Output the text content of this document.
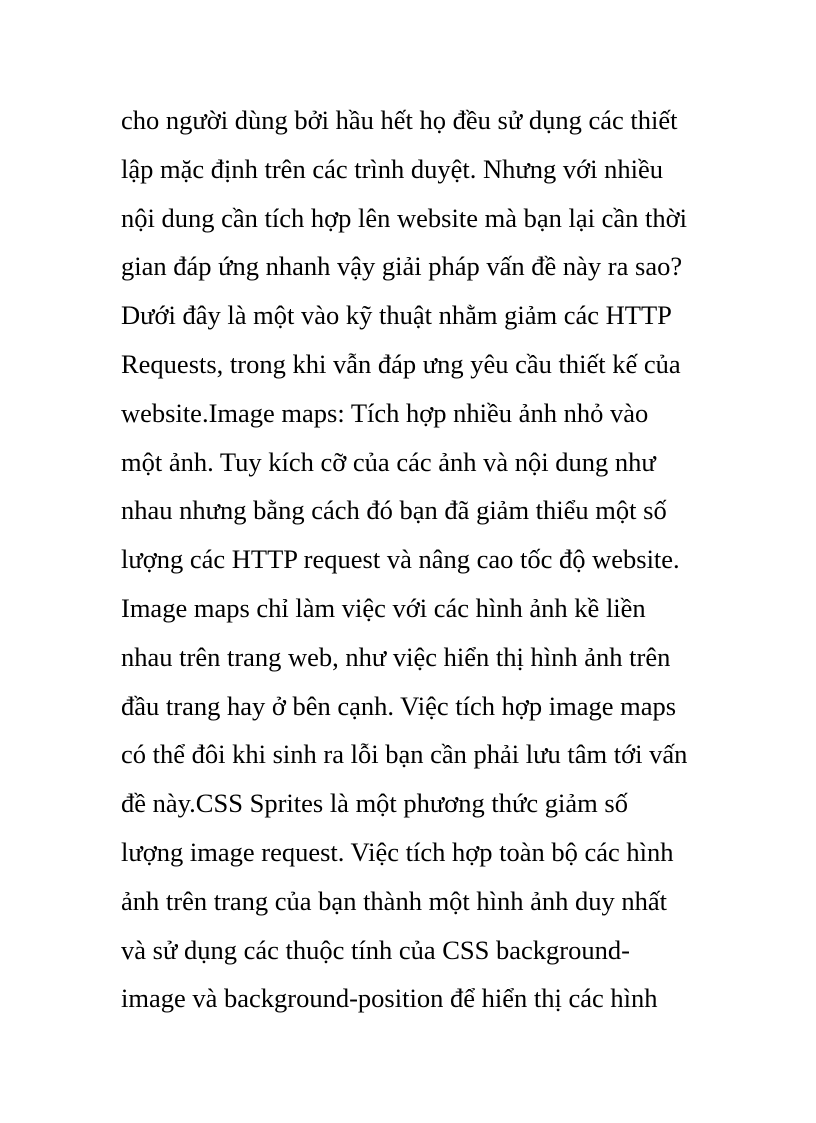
cho người dùng bởi hầu hết họ đều sử dụng các thiết
lập mặc định trên các trình duyệt. Nhưng với nhiều
nội dung cần tích hợp lên website mà bạn lại cần thời
gian đáp ứng nhanh vậy giải pháp vấn đề này ra sao?
Dưới đây là một vào kỹ thuật nhằm giảm các HTTP
Requests, trong khi vẫn đáp ưng yêu cầu thiết kế của
website.Image maps: Tích hợp nhiều ảnh nhỏ vào
một ảnh. Tuy kích cỡ của các ảnh và nội dung như
nhau nhưng bằng cách đó bạn đã giảm thiểu một số
lượng các HTTP request và nâng cao tốc độ website.
Image maps chỉ làm việc với các hình ảnh kề liền
nhau trên trang web, như việc hiển thị hình ảnh trên
đầu trang hay ở bên cạnh. Việc tích hợp image maps
có thể đôi khi sinh ra lỗi bạn cần phải lưu tâm tới vấn
đề này.CSS Sprites là một phương thức giảm số
lượng image request. Việc tích hợp toàn bộ các hình
ảnh trên trang của bạn thành một hình ảnh duy nhất
và sử dụng các thuộc tính của CSS background-
image và background-position để hiển thị các hình
